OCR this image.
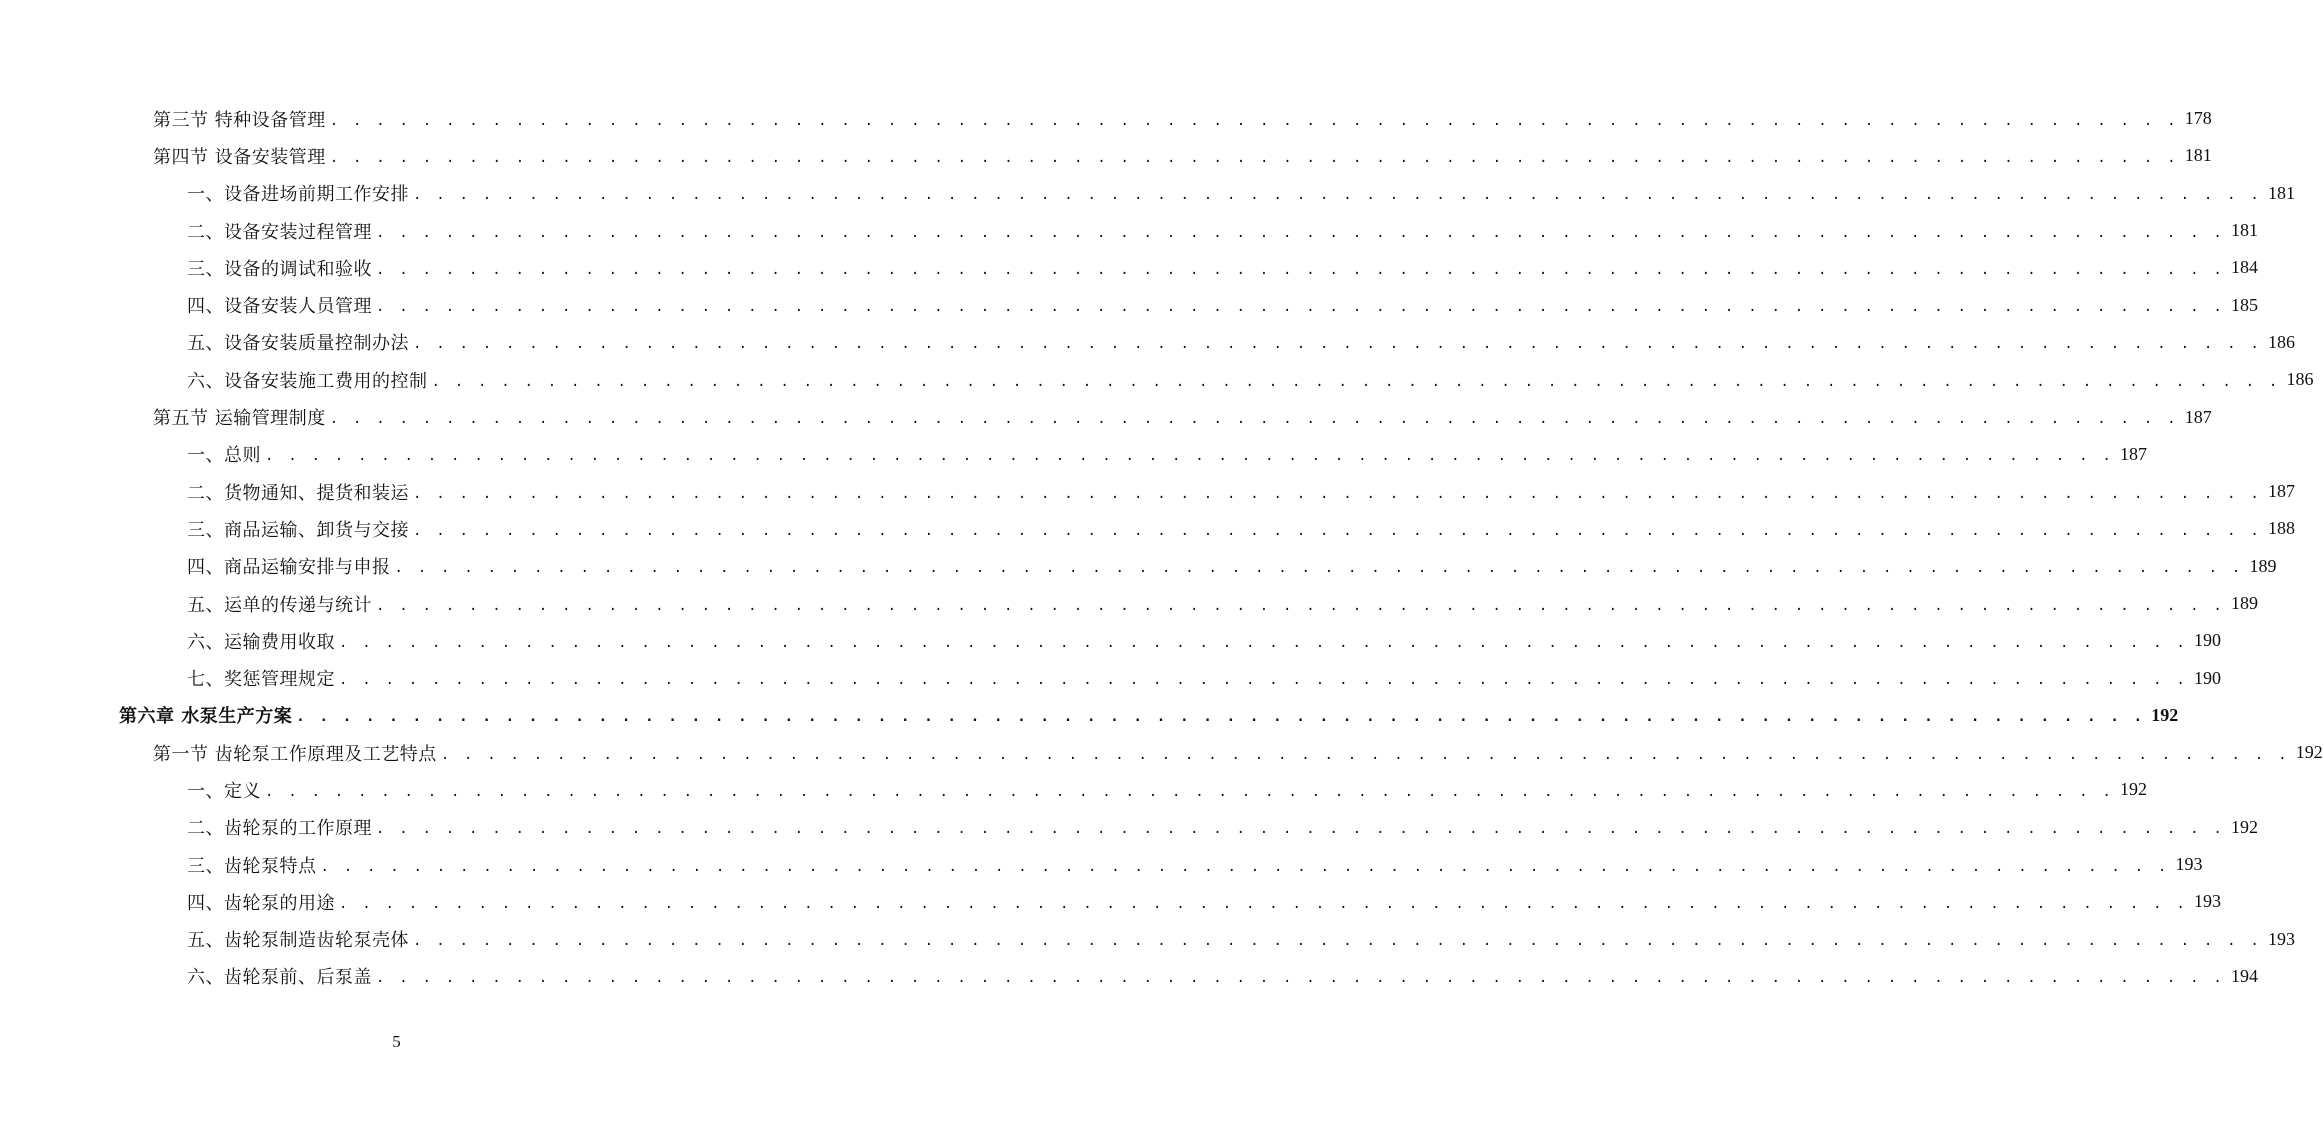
第三节 特种设备管理 . . . . . . . . . . . . . . . . . . . . . . . . . . . . . . . . . . . . . . . . . . . . . . . . . . . . . . . . . . . . . . . . . . . . . . . . . . . . . . . . 178
第四节 设备安装管理 . . . . . . . . . . . . . . . . . . . . . . . . . . . . . . . . . . . . . . . . . . . . . . . . . . . . . . . . . . . . . . . . . . . . . . . . . . . . . . . . 181
一、设备进场前期工作安排 . . . . . . . . . . . . . . . . . . . . . . . . . . . . . . . . . . . . . . . . . . . . . . . . . . . . . . . . . . . . . . . . . . . . . . . . . . . . . . . . 181
二、设备安装过程管理 . . . . . . . . . . . . . . . . . . . . . . . . . . . . . . . . . . . . . . . . . . . . . . . . . . . . . . . . . . . . . . . . . . . . . . . . . . . . . . . . 181
三、设备的调试和验收 . . . . . . . . . . . . . . . . . . . . . . . . . . . . . . . . . . . . . . . . . . . . . . . . . . . . . . . . . . . . . . . . . . . . . . . . . . . . . . . . 184
四、设备安装人员管理 . . . . . . . . . . . . . . . . . . . . . . . . . . . . . . . . . . . . . . . . . . . . . . . . . . . . . . . . . . . . . . . . . . . . . . . . . . . . . . . . 185
五、设备安装质量控制办法 . . . . . . . . . . . . . . . . . . . . . . . . . . . . . . . . . . . . . . . . . . . . . . . . . . . . . . . . . . . . . . . . . . . . . . . . . . . . . . . . 186
六、设备安装施工费用的控制 . . . . . . . . . . . . . . . . . . . . . . . . . . . . . . . . . . . . . . . . . . . . . . . . . . . . . . . . . . . . . . . . . . . . . . . . . . . . . . . . 186
第五节 运输管理制度 . . . . . . . . . . . . . . . . . . . . . . . . . . . . . . . . . . . . . . . . . . . . . . . . . . . . . . . . . . . . . . . . . . . . . . . . . . . . . . . . 187
一、总则 . . . . . . . . . . . . . . . . . . . . . . . . . . . . . . . . . . . . . . . . . . . . . . . . . . . . . . . . . . . . . . . . . . . . . . . . . . . . . . . . 187
二、货物通知、提货和装运 . . . . . . . . . . . . . . . . . . . . . . . . . . . . . . . . . . . . . . . . . . . . . . . . . . . . . . . . . . . . . . . . . . . . . . . . . . . . . . . . 187
三、商品运输、卸货与交接 . . . . . . . . . . . . . . . . . . . . . . . . . . . . . . . . . . . . . . . . . . . . . . . . . . . . . . . . . . . . . . . . . . . . . . . . . . . . . . . . 188
四、商品运输安排与申报 . . . . . . . . . . . . . . . . . . . . . . . . . . . . . . . . . . . . . . . . . . . . . . . . . . . . . . . . . . . . . . . . . . . . . . . . . . . . . . . . 189
五、运单的传递与统计 . . . . . . . . . . . . . . . . . . . . . . . . . . . . . . . . . . . . . . . . . . . . . . . . . . . . . . . . . . . . . . . . . . . . . . . . . . . . . . . . 189
六、运输费用收取 . . . . . . . . . . . . . . . . . . . . . . . . . . . . . . . . . . . . . . . . . . . . . . . . . . . . . . . . . . . . . . . . . . . . . . . . . . . . . . . . 190
七、奖惩管理规定 . . . . . . . . . . . . . . . . . . . . . . . . . . . . . . . . . . . . . . . . . . . . . . . . . . . . . . . . . . . . . . . . . . . . . . . . . . . . . . . . 190
第六章 水泵生产方案 . . . . . . . . . . . . . . . . . . . . . . . . . . . . . . . . . . . . . . . . . . . . . . . . . . . . . . . . . . . . . . . . . . . . . . . . . . . . . . . . 192
第一节 齿轮泵工作原理及工艺特点 . . . . . . . . . . . . . . . . . . . . . . . . . . . . . . . . . . . . . . . . . . . . . . . . . . . . . . . . . . . . . . . . . . . . . . . . . . . . . . . . 192
一、定义 . . . . . . . . . . . . . . . . . . . . . . . . . . . . . . . . . . . . . . . . . . . . . . . . . . . . . . . . . . . . . . . . . . . . . . . . . . . . . . . . 192
二、齿轮泵的工作原理 . . . . . . . . . . . . . . . . . . . . . . . . . . . . . . . . . . . . . . . . . . . . . . . . . . . . . . . . . . . . . . . . . . . . . . . . . . . . . . . . 192
三、齿轮泵特点 . . . . . . . . . . . . . . . . . . . . . . . . . . . . . . . . . . . . . . . . . . . . . . . . . . . . . . . . . . . . . . . . . . . . . . . . . . . . . . . . 193
四、齿轮泵的用途 . . . . . . . . . . . . . . . . . . . . . . . . . . . . . . . . . . . . . . . . . . . . . . . . . . . . . . . . . . . . . . . . . . . . . . . . . . . . . . . . 193
五、齿轮泵制造齿轮泵壳体 . . . . . . . . . . . . . . . . . . . . . . . . . . . . . . . . . . . . . . . . . . . . . . . . . . . . . . . . . . . . . . . . . . . . . . . . . . . . . . . . 193
六、齿轮泵前、后泵盖 . . . . . . . . . . . . . . . . . . . . . . . . . . . . . . . . . . . . . . . . . . . . . . . . . . . . . . . . . . . . . . . . . . . . . . . . . . . . . . . . 194
5
